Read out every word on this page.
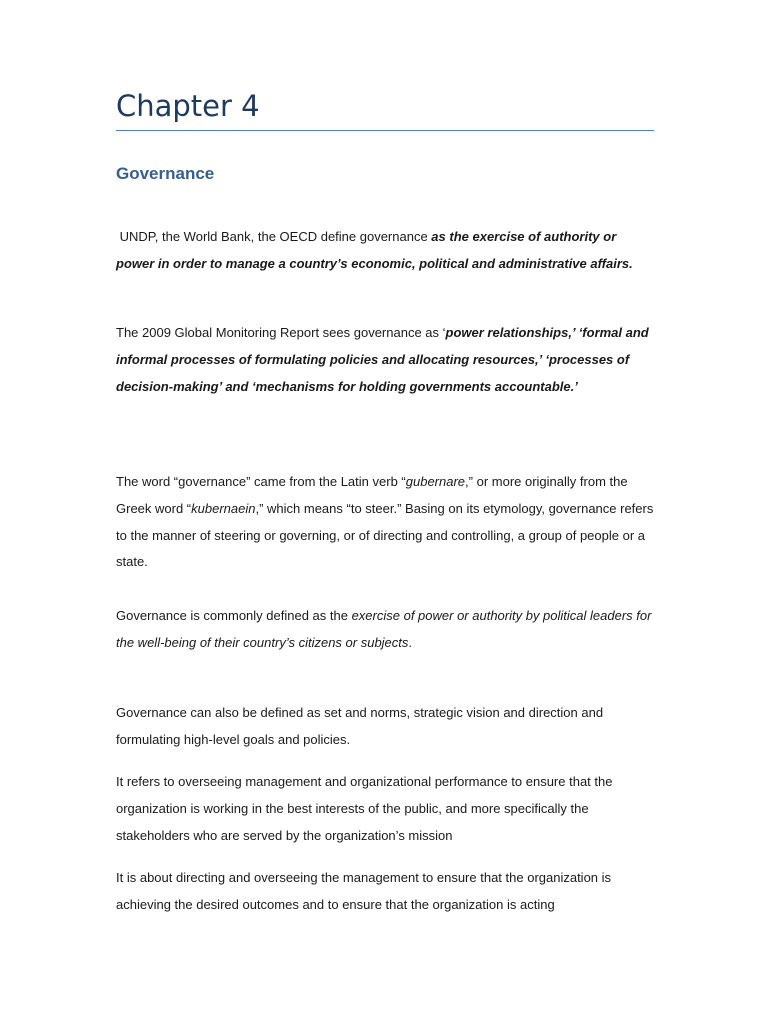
Chapter 4
Governance

UNDP, the World Bank, the OECD define governance as the exercise of authority or power in order to manage a country’s economic, political and administrative affairs.

The 2009 Global Monitoring Report sees governance as ‘power relationships,’ ‘formal and informal processes of formulating policies and allocating resources,’ ‘processes of decision-making’ and ‘mechanisms for holding governments accountable.’

The word “governance” came from the Latin verb “gubernare,” or more originally from the Greek word “kubernaein,” which means “to steer.” Basing on its etymology, governance refers to the manner of steering or governing, or of directing and controlling, a group of people or a state.

Governance is commonly defined as the exercise of power or authority by political leaders for the well-being of their country’s citizens or subjects.

Governance can also be defined as set and norms, strategic vision and direction and formulating high-level goals and policies.

It refers to overseeing management and organizational performance to ensure that the organization is working in the best interests of the public, and more specifically the stakeholders who are served by the organization’s mission

It is about directing and overseeing the management to ensure that the organization is achieving the desired outcomes and to ensure that the organization is acting
